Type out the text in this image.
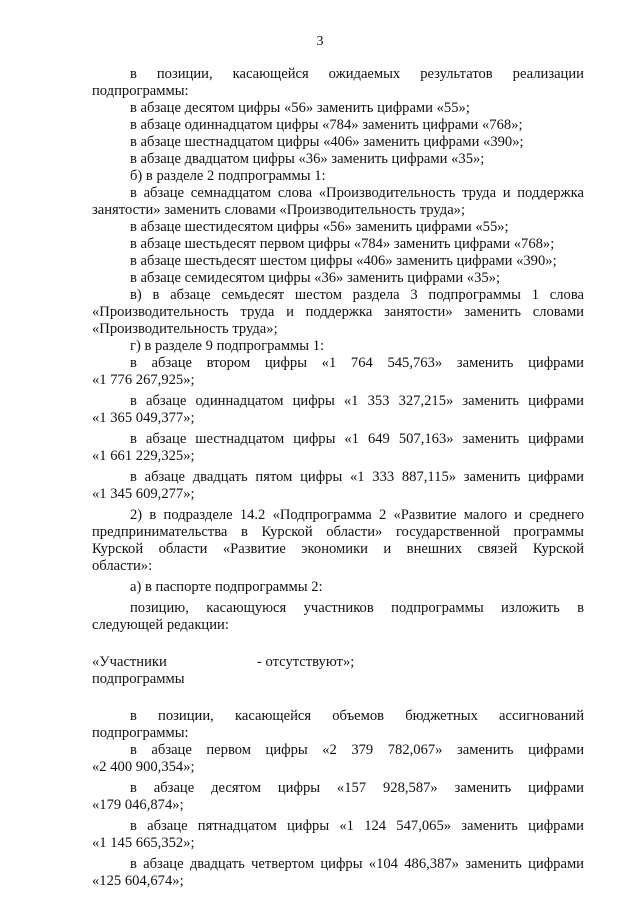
3

в позиции, касающейся ожидаемых результатов реализации

подпрограммы:

в абзаце десятом цифры «56» заменить цифрами «55»;

в абзаце одиннадцатом цифры «784» заменить цифрами «768»;

в абзаце шестнадцатом цифры «406» заменить цифрами «390»;

в абзаце двадцатом цифры «36» заменить цифрами «35»;

б) в разделе 2 подпрограммы 1:

в абзаце семнадцатом слова «Производительность труда и поддержка

занятости» заменить словами «Производительность труда»;

в абзаце шестидесятом цифры «56» заменить цифрами «55»;

в абзаце шестьдесят первом цифры «784» заменить цифрами «768»;

в абзаце шестьдесят шестом цифры «406» заменить цифрами «390»;

в абзаце семидесятом цифры «36» заменить цифрами «35»;

в) в абзаце семьдесят шестом раздела 3 подпрограммы 1 слова

«Производительность труда и поддержка занятости» заменить словами

«Производительность труда»;

г) в разделе 9 подпрограммы 1:

в абзаце втором цифры «1 764 545,763» заменить цифрами

«1 776 267,925»;

в абзаце одиннадцатом цифры «1 353 327,215» заменить цифрами

«1 365 049,377»;

в абзаце шестнадцатом цифры «1 649 507,163» заменить цифрами

«1 661 229,325»;

в абзаце двадцать пятом цифры «1 333 887,115» заменить цифрами

«1 345 609,277»;

2) в подразделе 14.2 «Подпрограмма 2 «Развитие малого и среднего

предпринимательства в Курской области» государственной программы

Курской области «Развитие экономики и внешних связей Курской

области»:

а) в паспорте подпрограммы 2:

позицию, касающуюся участников подпрограммы изложить в

следующей редакции:

«Участники

подпрограммы

- отсутствуют»;

в позиции, касающейся объемов бюджетных ассигнований

подпрограммы:

в абзаце первом цифры «2 379 782,067» заменить цифрами

«2 400 900,354»;

в абзаце десятом цифры «157 928,587» заменить цифрами

«179 046,874»;

в абзаце пятнадцатом цифры «1 124 547,065» заменить цифрами

«1 145 665,352»;

в абзаце двадцать четвертом цифры «104 486,387» заменить цифрами

«125 604,674»;
